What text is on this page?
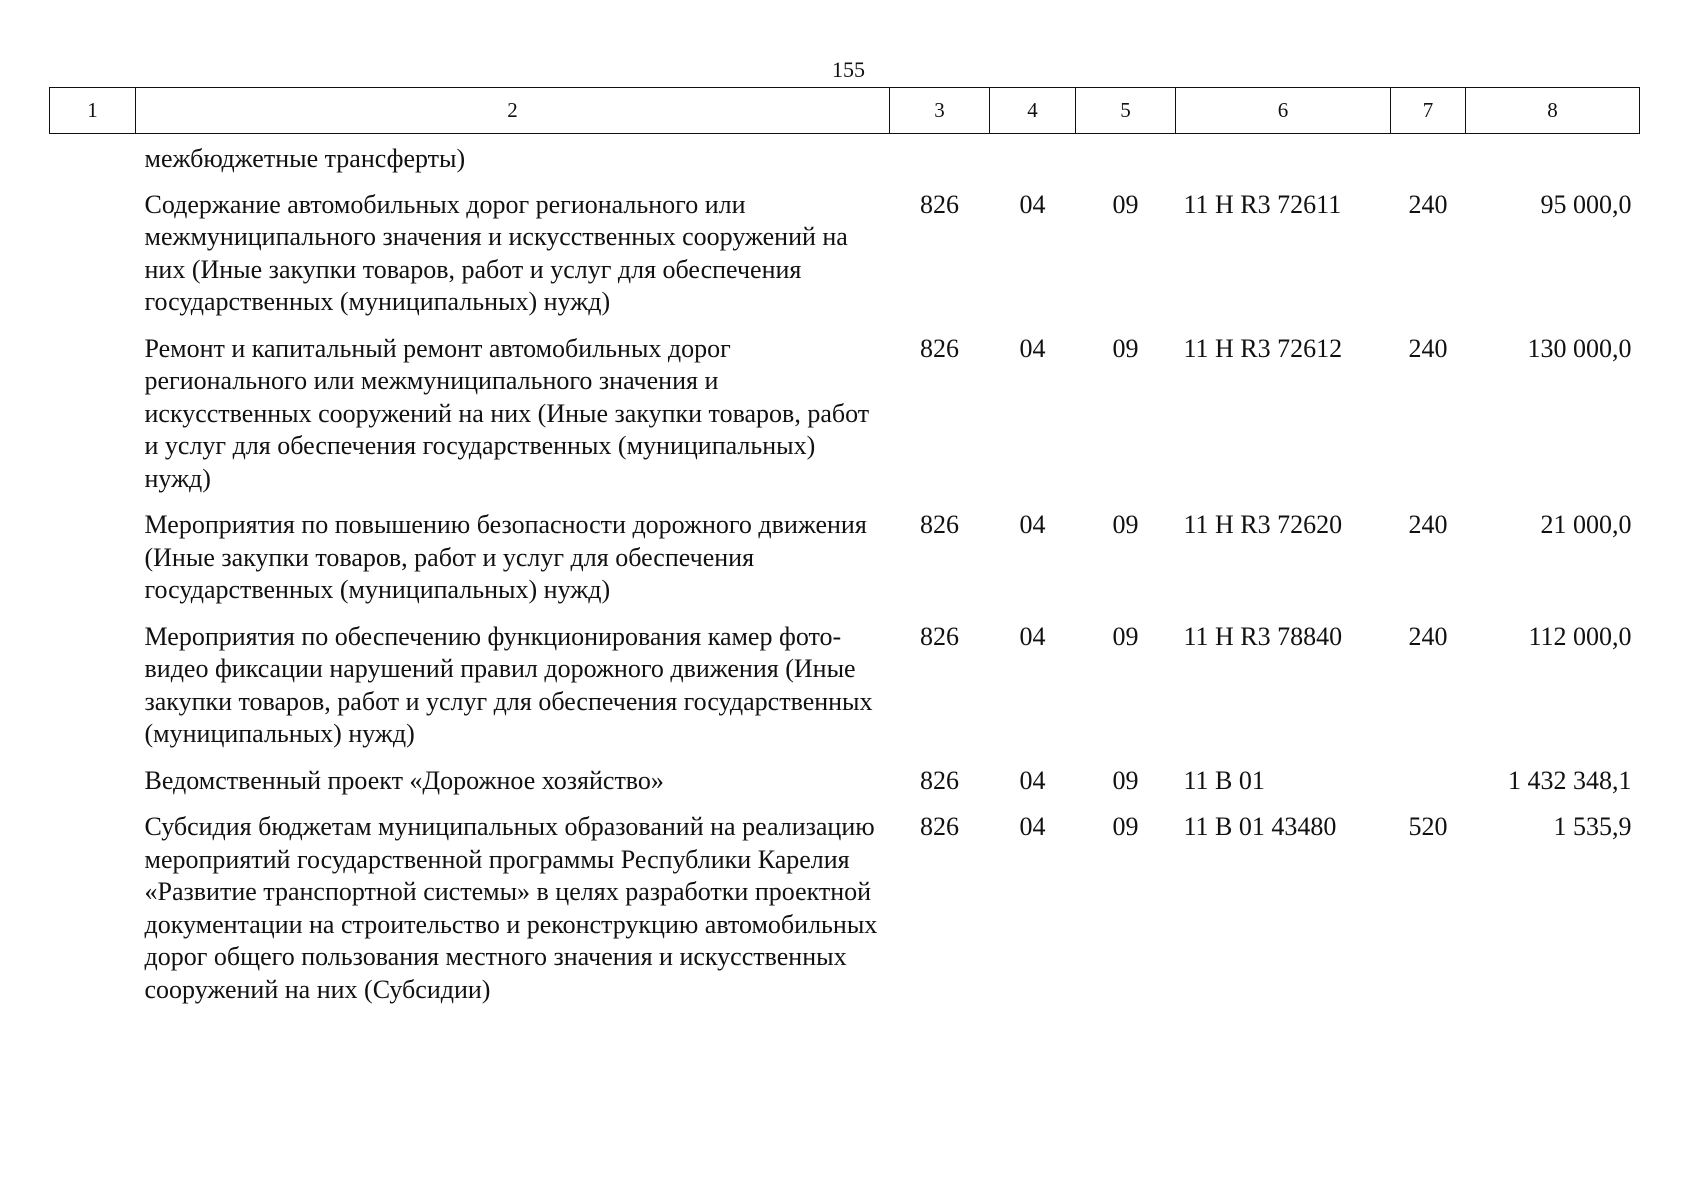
155
1	2	3	4	5	6	7	8
	межбюджетные трансферты)						
	Содержание автомобильных дорог регионального или межмуниципального значения и искусственных сооружений на них (Иные закупки товаров, работ и услуг для обеспечения государственных (муниципальных) нужд)	826	04	09	11 Н R3 72611	240	95 000,0
	Ремонт и капитальный ремонт автомобильных дорог регионального или межмуниципального значения и искусственных сооружений на них (Иные закупки товаров, работ и услуг для обеспечения государственных (муниципальных) нужд)	826	04	09	11 Н R3 72612	240	130 000,0
	Мероприятия по повышению безопасности дорожного движения (Иные закупки товаров, работ и услуг для обеспечения государственных (муниципальных) нужд)	826	04	09	11 Н R3 72620	240	21 000,0
	Мероприятия по обеспечению функционирования камер фото-видео фиксации нарушений правил дорожного движения (Иные закупки товаров, работ и услуг для обеспечения государственных (муниципальных) нужд)	826	04	09	11 Н R3 78840	240	112 000,0
	Ведомственный проект «Дорожное хозяйство»	826	04	09	11 В 01		1 432 348,1
	Субсидия бюджетам муниципальных образований на реализацию мероприятий государственной программы Республики Карелия «Развитие транспортной системы» в целях разработки проектной документации на строительство и реконструкцию автомобильных дорог общего пользования местного значения и искусственных сооружений на них (Субсидии)	826	04	09	11 В 01 43480	520	1 535,9
